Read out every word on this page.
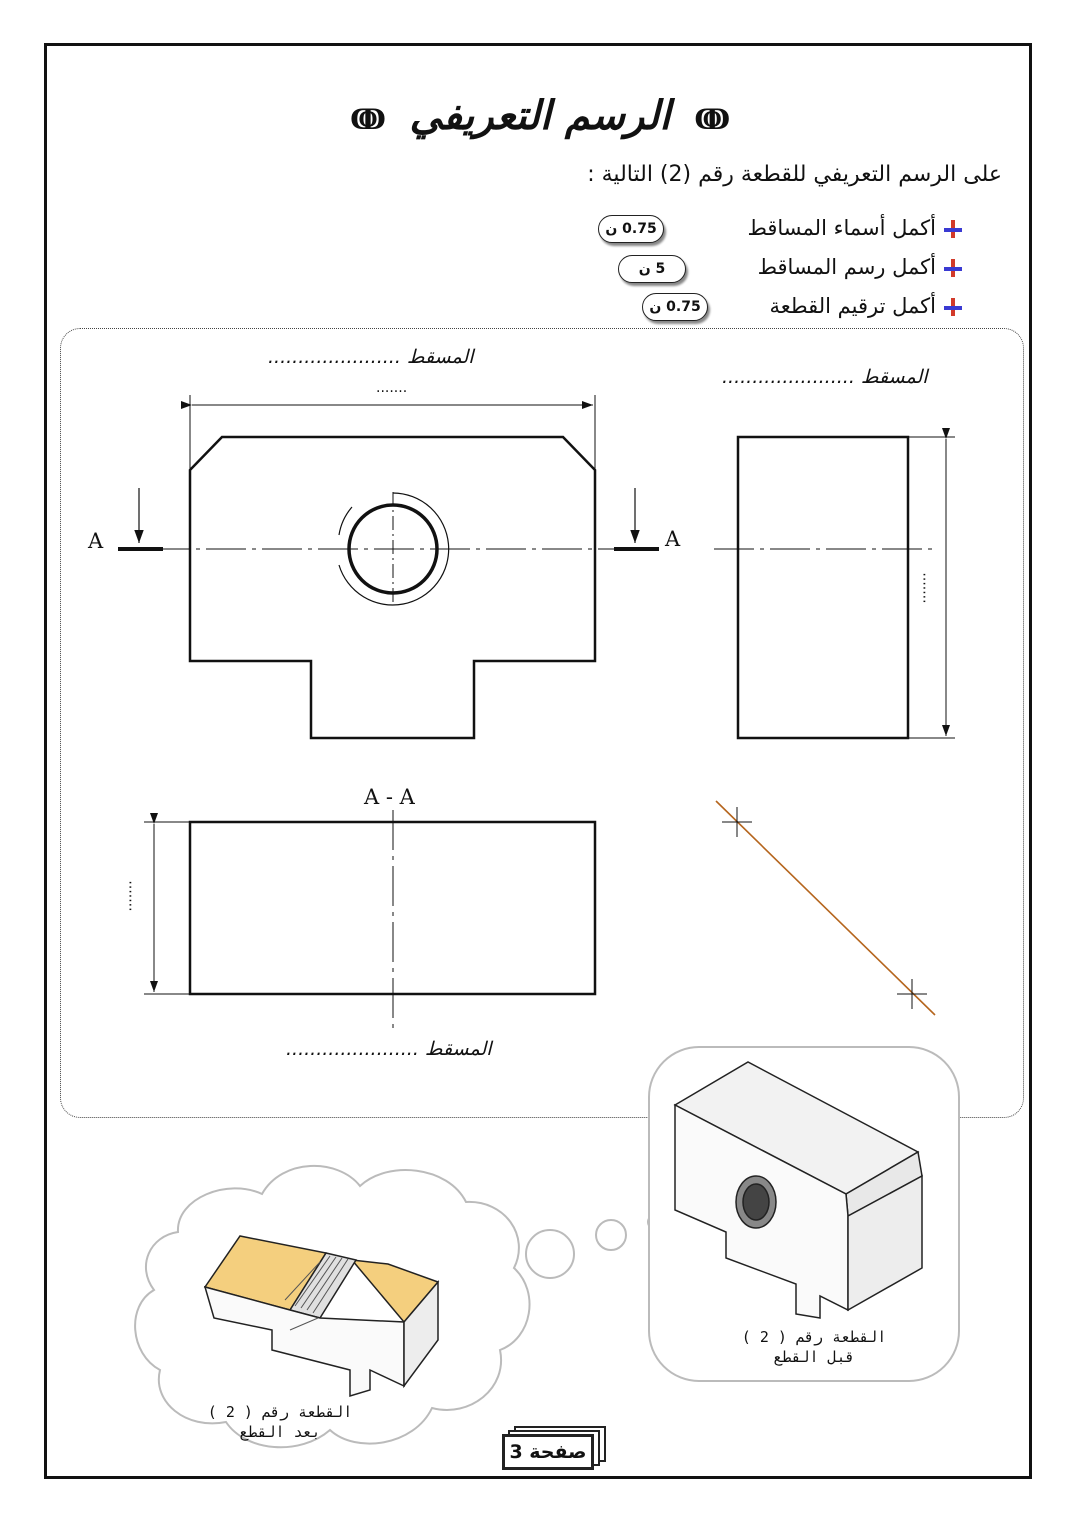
ↂ الرسم التعريفي ↂ
على الرسم التعريفي للقطعة رقم (2) التالية :
أكمل أسماء المساقط
0.75 ن
أكمل رسم المساقط
5 ن
أكمل ترقيم القطعة
0.75 ن
المسقط ......................
المسقط ......................
المسقط ......................
.......
.......
.......
A	A
A - A
القطعة رقم ( 2 )
بعد القطع
القطعة رقم ( 2 )
قبل القطع
صفحة 3
